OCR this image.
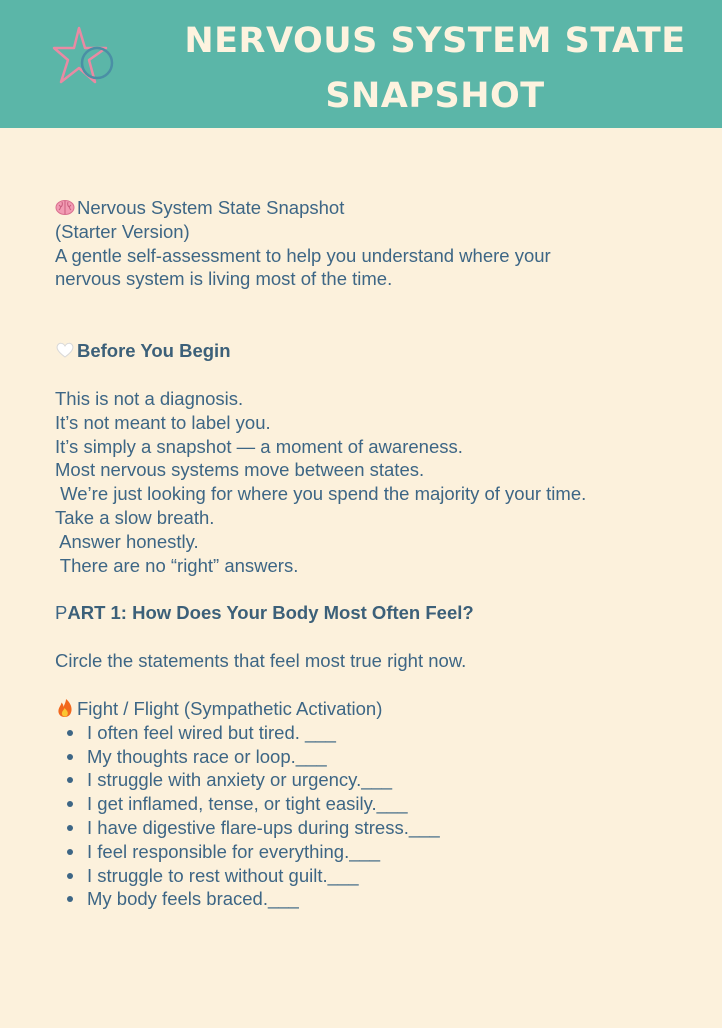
NERVOUS SYSTEM STATE
SNAPSHOT
Nervous System State Snapshot
(Starter Version)
A gentle self-assessment to help you understand where your
nervous system is living most of the time.
Before You Begin
This is not a diagnosis.
It’s not meant to label you.
It’s simply a snapshot — a moment of awareness.
Most nervous systems move between states.
We’re just looking for where you spend the majority of your time.
Take a slow breath.
Answer honestly.
There are no “right” answers.
PART 1: How Does Your Body Most Often Feel?
Circle the statements that feel most true right now.
Fight / Flight (Sympathetic Activation)
I often feel wired but tired. ___
My thoughts race or loop.___
I struggle with anxiety or urgency.___
I get inflamed, tense, or tight easily.___
I have digestive flare-ups during stress.___
I feel responsible for everything.___
I struggle to rest without guilt.___
My body feels braced.___
